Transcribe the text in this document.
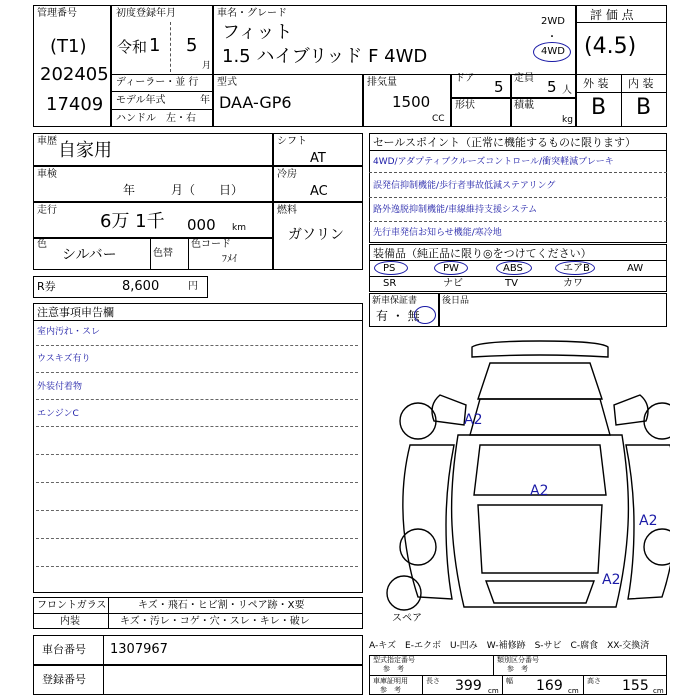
管理番号
(T1)
202405
17409
初度登録年月
令和 1 5
月
車名・グレード
フィット
1.5 ハイブリッド F 4WD
2WD
・
4WD
評 価 点
(4.5)
外 装 内 装
B B
ディーラー・並 行
モデル年式	年
ハンドル　左・右
型式
DAA-GP6
排気量
1500
CC
ドア 5 定員 5 人
形状	積載
kg
車歴 自家用
車検
年　　　月（　　日）
走行
6万 1千 000 km
色
シルバー	色替
色コード
ﾌﾒｲ
シフト
AT
冷房
AC
燃料
ガソリン
R券	8,600	円
セールスポイント（正常に機能するものに限ります）
4WD/アダプティブクルーズコントロール/衝突軽減ブレーキ
誤発信抑制機能/歩行者事故低減ステアリング
路外逸脱抑制機能/車線維持支援システム
先行車発信お知らせ機能/寒冷地
装備品（純正品に限り◎をつけてください）
PS	PW	ABS	エアB	AW
SR	ナビ	TV	カワ
新車保証書
有 ・ 無
後日品
注意事項申告欄
室内汚れ・スレ
ウスキズ有り
外装付着物
エンジンC	A2
A2
A2
A2
スペア
フロントガラス	キズ・飛石・ヒビ割・リペア跡・X要
内装	キズ・汚レ・コゲ・穴・スレ・キレ・破レ
車台番号 1307967
登録番号
A-キズ　E-エクボ　U-凹み　W-補修跡　S-サビ　C-腐食　XX-交換済
型式指定番号
参　考
類別区分番号
参　考
車庫証明用
参　考
長さ 399 cm
幅 169 cm
高さ 155 cm
